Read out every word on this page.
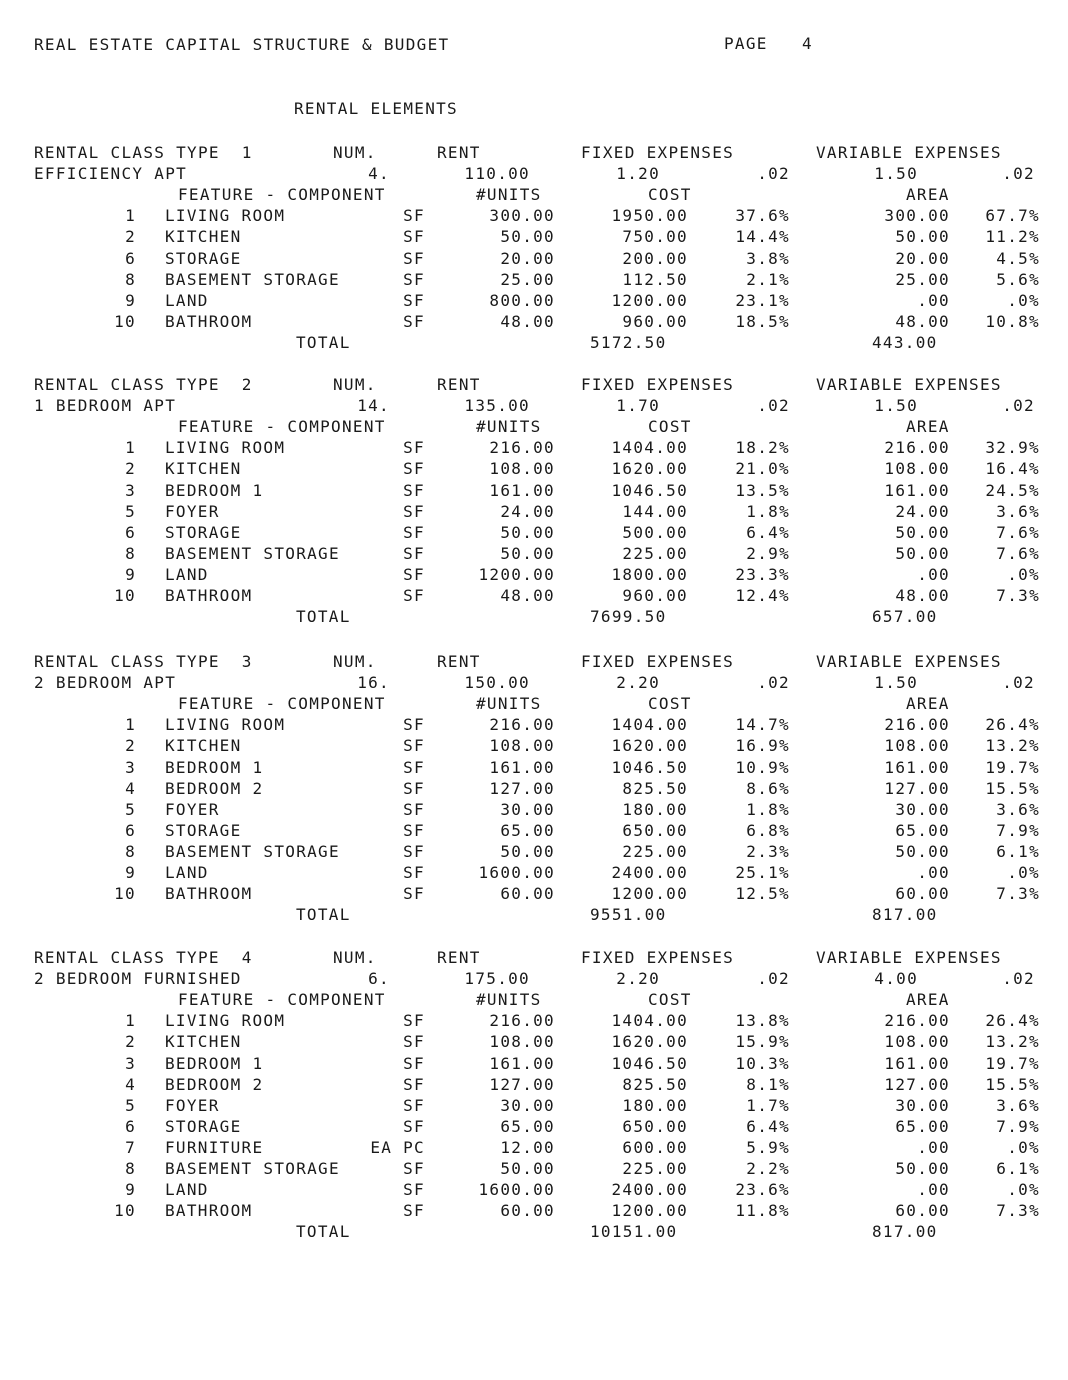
REAL ESTATE CAPITAL STRUCTURE & BUDGET	PAGE 4
RENTAL ELEMENTS
RENTAL CLASS TYPE  1	NUM.	RENT	FIXED EXPENSES	VARIABLE EXPENSES
EFFICIENCY APT	4.	110.00	1.20	.02	1.50	.02
FEATURE - COMPONENT	#UNITS	COST	AREA
1 LIVING ROOM	SF	300.00	1950.00	37.6%	300.00	67.7%
2 KITCHEN	SF	50.00	750.00	14.4%	50.00	11.2%
6 STORAGE	SF	20.00	200.00	3.8%	20.00	4.5%
8 BASEMENT STORAGE	SF	25.00	112.50	2.1%	25.00	5.6%
9 LAND	SF	800.00	1200.00	23.1%	.00	.0%
10 BATHROOM	SF	48.00	960.00	18.5%	48.00	10.8%
TOTAL	5172.50	443.00
RENTAL CLASS TYPE  2	NUM.	RENT	FIXED EXPENSES	VARIABLE EXPENSES
1 BEDROOM APT	14.	135.00	1.70	.02	1.50	.02
FEATURE - COMPONENT	#UNITS	COST	AREA
1 LIVING ROOM	SF	216.00	1404.00	18.2%	216.00	32.9%
2 KITCHEN	SF	108.00	1620.00	21.0%	108.00	16.4%
3 BEDROOM 1	SF	161.00	1046.50	13.5%	161.00	24.5%
5 FOYER	SF	24.00	144.00	1.8%	24.00	3.6%
6 STORAGE	SF	50.00	500.00	6.4%	50.00	7.6%
8 BASEMENT STORAGE	SF	50.00	225.00	2.9%	50.00	7.6%
9 LAND	SF	1200.00	1800.00	23.3%	.00	.0%
10 BATHROOM	SF	48.00	960.00	12.4%	48.00	7.3%
TOTAL	7699.50	657.00
RENTAL CLASS TYPE  3	NUM.	RENT	FIXED EXPENSES	VARIABLE EXPENSES
2 BEDROOM APT	16.	150.00	2.20	.02	1.50	.02
FEATURE - COMPONENT	#UNITS	COST	AREA
1 LIVING ROOM	SF	216.00	1404.00	14.7%	216.00	26.4%
2 KITCHEN	SF	108.00	1620.00	16.9%	108.00	13.2%
3 BEDROOM 1	SF	161.00	1046.50	10.9%	161.00	19.7%
4 BEDROOM 2	SF	127.00	825.50	8.6%	127.00	15.5%
5 FOYER	SF	30.00	180.00	1.8%	30.00	3.6%
6 STORAGE	SF	65.00	650.00	6.8%	65.00	7.9%
8 BASEMENT STORAGE	SF	50.00	225.00	2.3%	50.00	6.1%
9 LAND	SF	1600.00	2400.00	25.1%	.00	.0%
10 BATHROOM	SF	60.00	1200.00	12.5%	60.00	7.3%
TOTAL	9551.00	817.00
RENTAL CLASS TYPE  4	NUM.	RENT	FIXED EXPENSES	VARIABLE EXPENSES
2 BEDROOM FURNISHED	6.	175.00	2.20	.02	4.00	.02
FEATURE - COMPONENT	#UNITS	COST	AREA
1 LIVING ROOM	SF	216.00	1404.00	13.8%	216.00	26.4%
2 KITCHEN	SF	108.00	1620.00	15.9%	108.00	13.2%
3 BEDROOM 1	SF	161.00	1046.50	10.3%	161.00	19.7%
4 BEDROOM 2	SF	127.00	825.50	8.1%	127.00	15.5%
5 FOYER	SF	30.00	180.00	1.7%	30.00	3.6%
6 STORAGE	SF	65.00	650.00	6.4%	65.00	7.9%
7 FURNITURE	EA PC	12.00	600.00	5.9%	.00	.0%
8 BASEMENT STORAGE	SF	50.00	225.00	2.2%	50.00	6.1%
9 LAND	SF	1600.00	2400.00	23.6%	.00	.0%
10 BATHROOM	SF	60.00	1200.00	11.8%	60.00	7.3%
TOTAL	10151.00	817.00
